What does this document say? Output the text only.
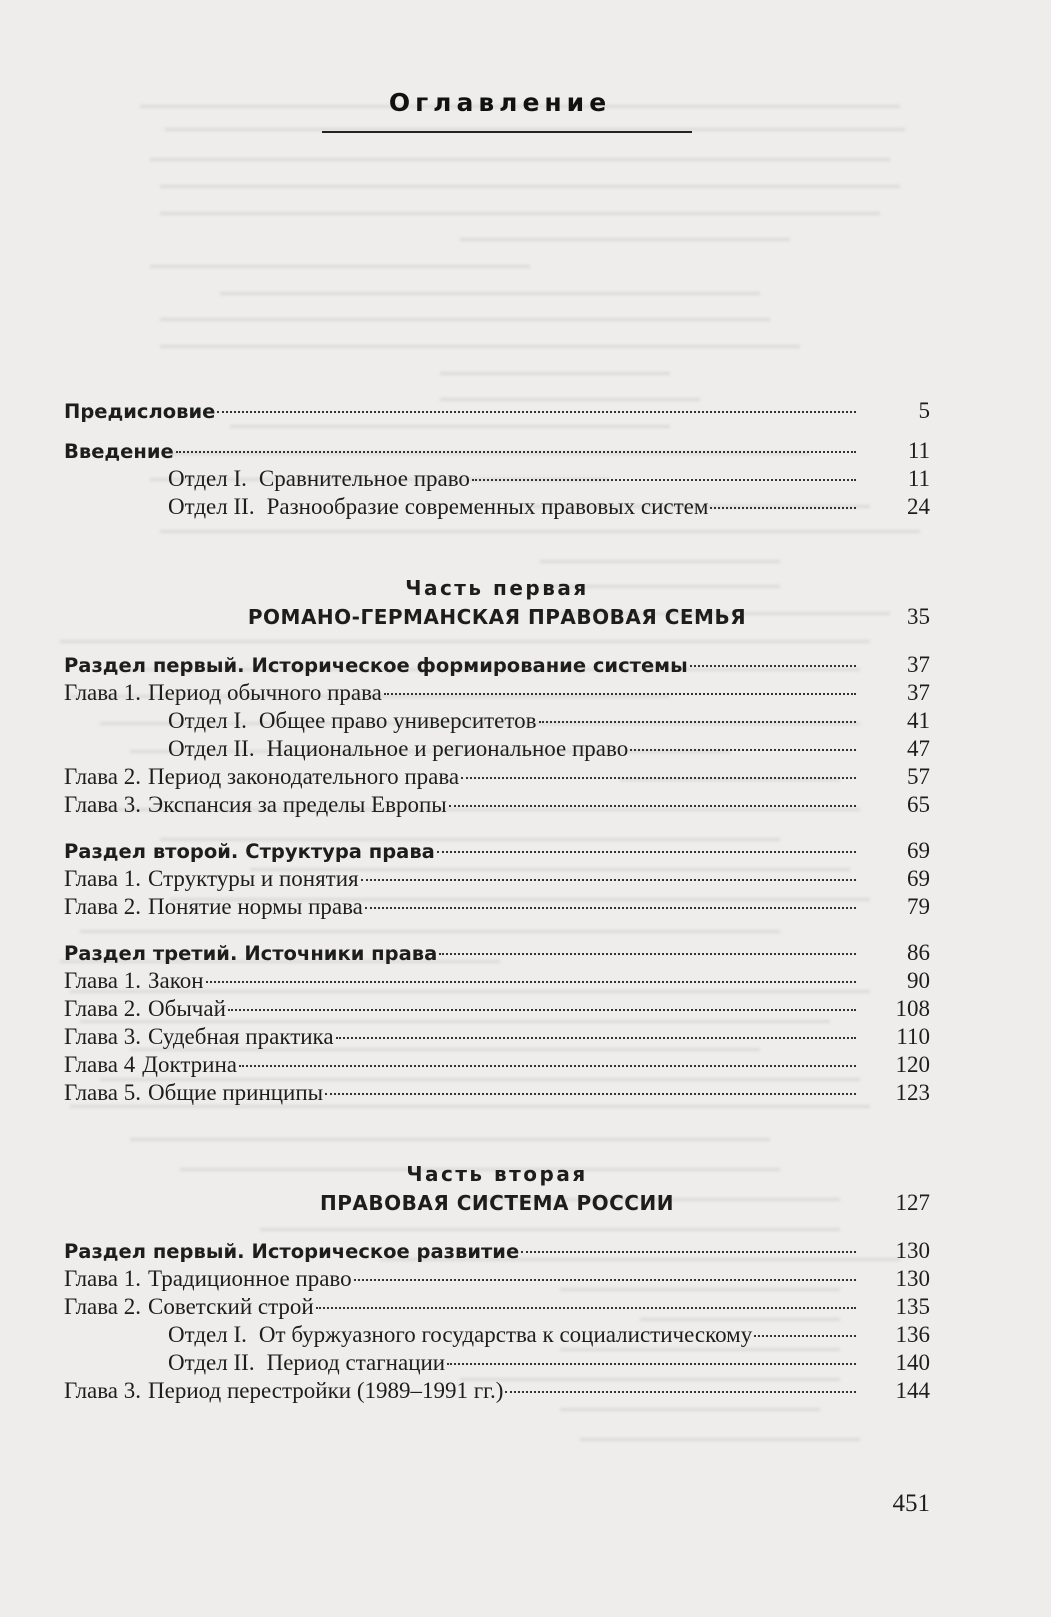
Оглавление
Предисловие	5
Введение	11
Отдел I. Сравнительное право	11
Отдел II. Разнообразие современных правовых систем	24
Часть первая
РОМАНО-ГЕРМАНСКАЯ ПРАВОВАЯ СЕМЬЯ	35
Раздел первый. Историческое формирование системы	37
Глава 1. Период обычного права	37
Отдел I. Общее право университетов	41
Отдел II. Национальное и региональное право	47
Глава 2. Период законодательного права	57
Глава 3. Экспансия за пределы Европы	65
Раздел второй. Структура права	69
Глава 1. Структуры и понятия	69
Глава 2. Понятие нормы права	79
Раздел третий. Источники права	86
Глава 1. Закон	90
Глава 2. Обычай	108
Глава 3. Судебная практика	110
Глава 4 Доктрина	120
Глава 5. Общие принципы	123
Часть вторая
ПРАВОВАЯ СИСТЕМА РОССИИ	127
Раздел первый. Историческое развитие	130
Глава 1. Традиционное право	130
Глава 2. Советский строй	135
Отдел I. От буржуазного государства к социалистическому	136
Отдел II. Период стагнации	140
Глава 3. Период перестройки (1989–1991 гг.)	144
451
